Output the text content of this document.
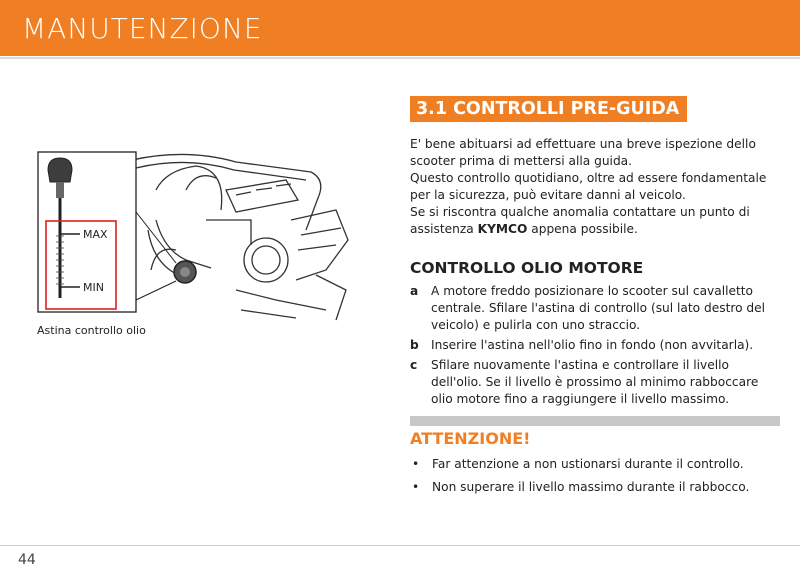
MANUTENZIONE
MAX
MIN
Astina controllo olio
3.1 CONTROLLI PRE-GUIDA

E' bene abituarsi ad effettuare una breve ispezione dello scooter prima di mettersi alla guida.

Questo controllo quotidiano, oltre ad essere fondamentale per la sicurezza, può evitare danni al veicolo.

Se si riscontra qualche anomalia contattare un punto di assistenza KYMCO appena possibile.

CONTROLLO OLIO MOTORE
a	A motore freddo posizionare lo scooter sul cavalletto centrale. Sfilare l'astina di controllo (sul lato destro del veicolo) e pulirla con uno straccio.
b	Inserire l'astina nell'olio fino in fondo (non avvitarla).
c	Sfilare nuovamente l'astina e controllare il livello dell'olio. Se il livello è prossimo al minimo rabboccare olio motore fino a raggiungere il livello massimo.
ATTENZIONE!
•	Far attenzione a non ustionarsi durante il controllo.
•	Non superare il livello massimo durante il rabbocco.
44
